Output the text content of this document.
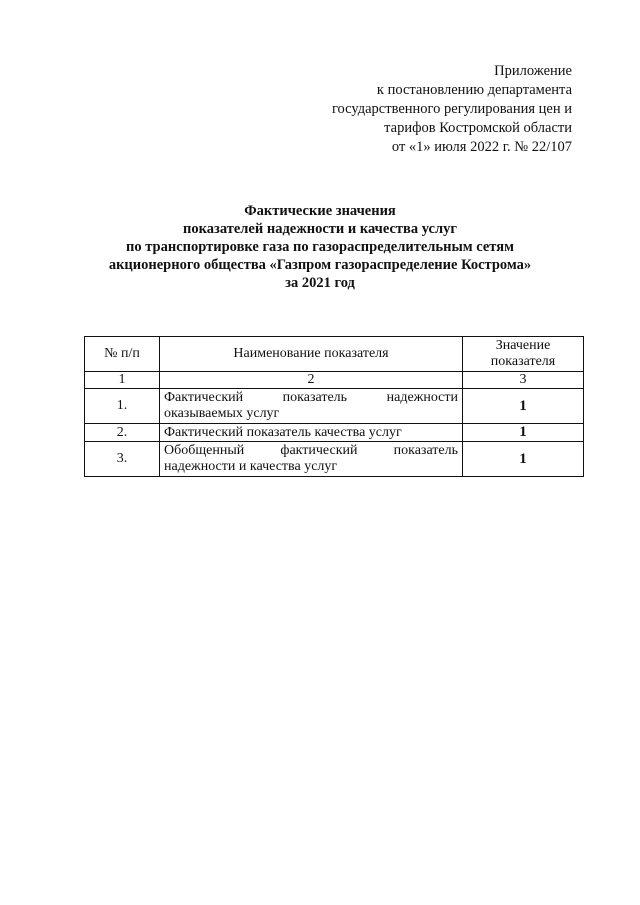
Приложение
к постановлению департамента
государственного регулирования цен и
тарифов Костромской области
от «1» июля 2022 г. № 22/107
Фактические значения
показателей надежности и качества услуг
по транспортировке газа по газораспределительным сетям
акционерного общества «Газпром газораспределение Кострома»
за 2021 год
№ п/п	Наименование показателя	Значение показателя
1	2	3
1.	Фактический показатель надежности оказываемых услуг	1
2.	Фактический показатель качества услуг	1
3.	Обобщенный фактический показатель надежности и качества услуг	1
